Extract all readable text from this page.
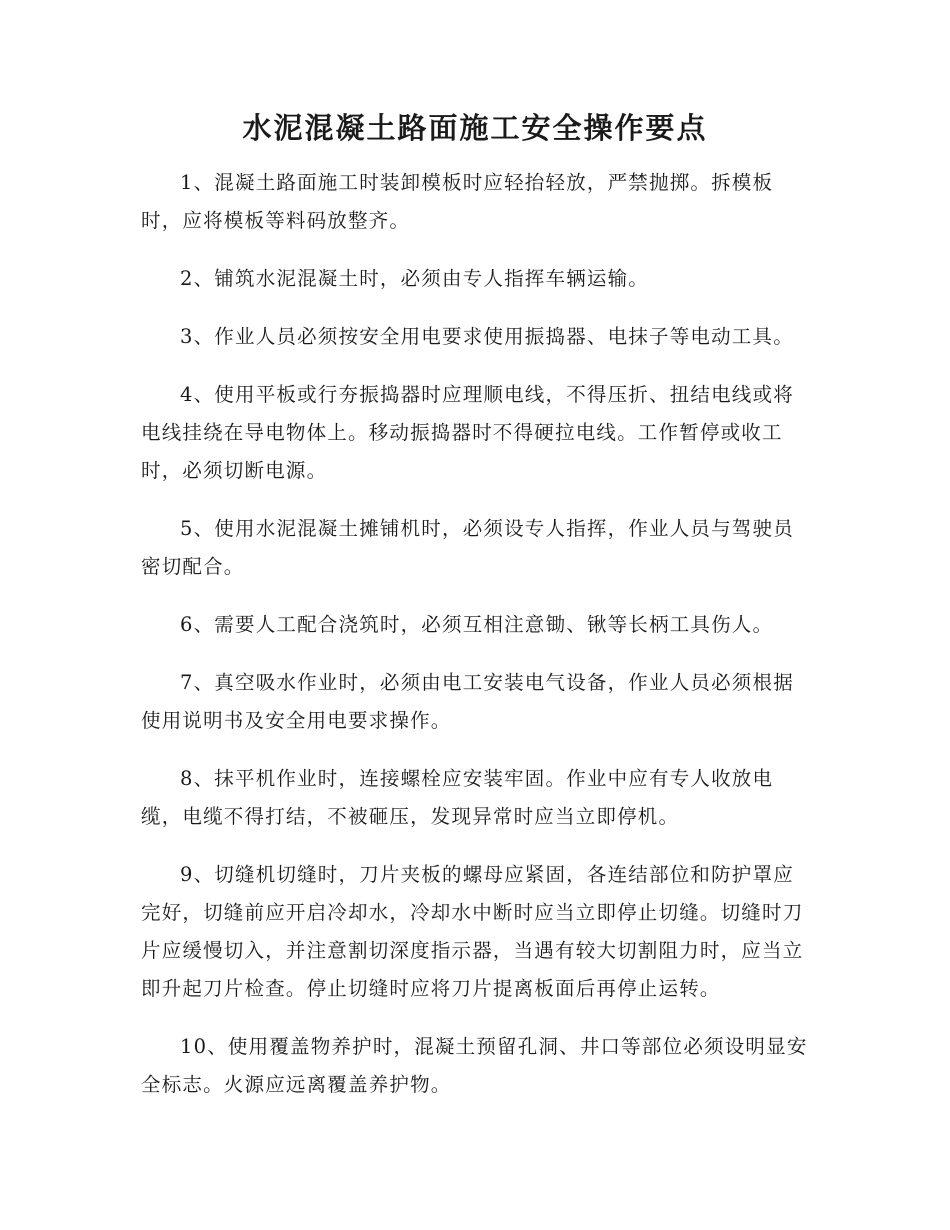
水泥混凝土路面施工安全操作要点

1、混凝土路面施工时装卸模板时应轻抬轻放，严禁抛掷。拆模板时，应将模板等料码放整齐。

2、铺筑水泥混凝土时，必须由专人指挥车辆运输。

3、作业人员必须按安全用电要求使用振捣器、电抹子等电动工具。

4、使用平板或行夯振捣器时应理顺电线，不得压折、扭结电线或将电线挂绕在导电物体上。移动振捣器时不得硬拉电线。工作暂停或收工时，必须切断电源。

5、使用水泥混凝土摊铺机时，必须设专人指挥，作业人员与驾驶员密切配合。

6、需要人工配合浇筑时，必须互相注意锄、锹等长柄工具伤人。

7、真空吸水作业时，必须由电工安装电气设备，作业人员必须根据使用说明书及安全用电要求操作。

8、抹平机作业时，连接螺栓应安装牢固。作业中应有专人收放电缆，电缆不得打结，不被砸压，发现异常时应当立即停机。

9、切缝机切缝时，刀片夹板的螺母应紧固，各连结部位和防护罩应完好，切缝前应开启冷却水，冷却水中断时应当立即停止切缝。切缝时刀片应缓慢切入，并注意割切深度指示器，当遇有较大切割阻力时，应当立即升起刀片检查。停止切缝时应将刀片提离板面后再停止运转。

10、使用覆盖物养护时，混凝土预留孔洞、井口等部位必须设明显安全标志。火源应远离覆盖养护物。
